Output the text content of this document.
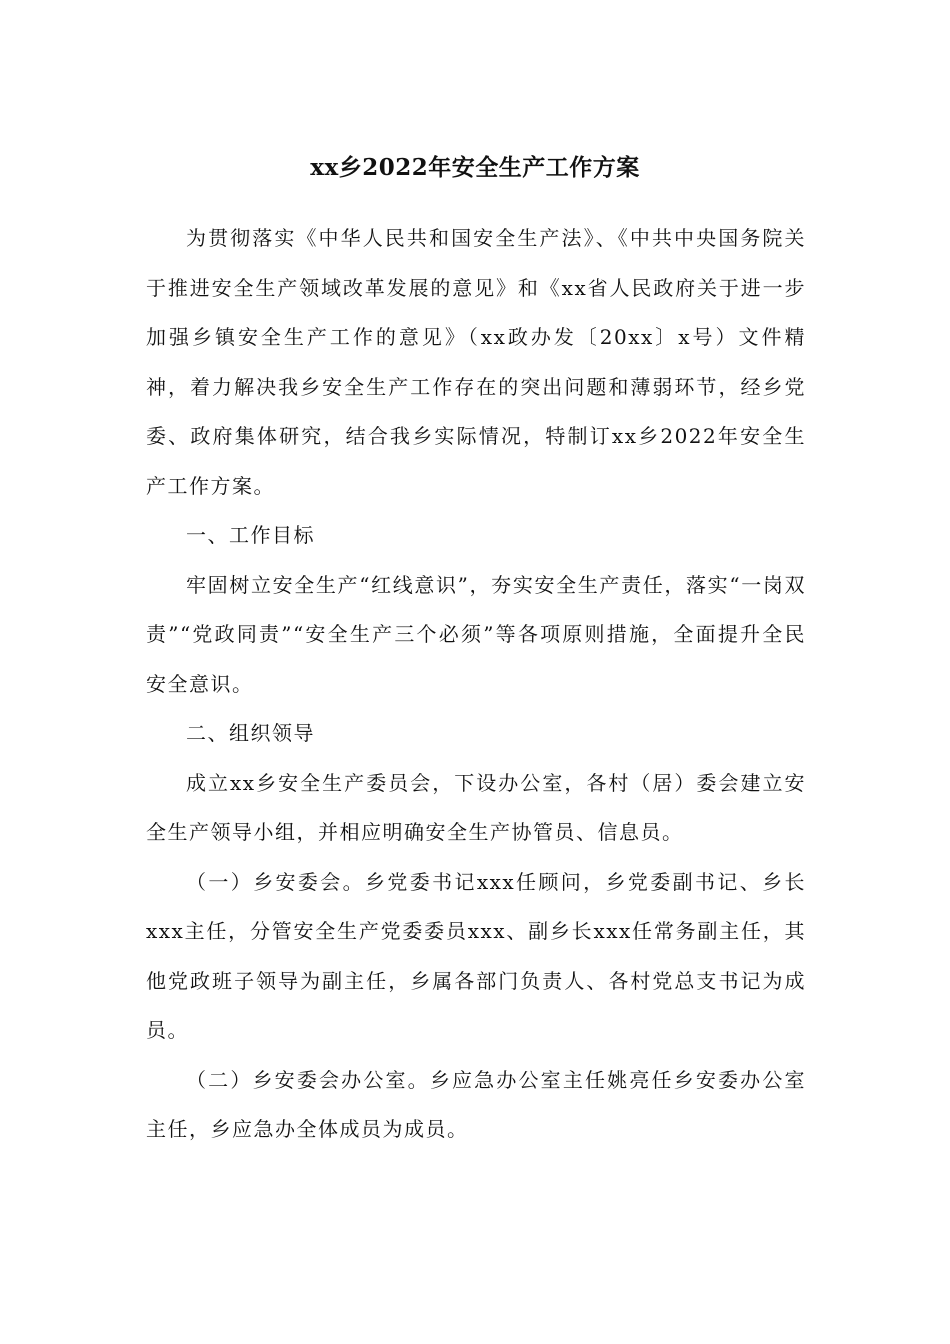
xx乡2022年安全生产工作方案

为贯彻落实《中华人民共和国安全生产法》、《中共中央国务院关于推进安全生产领域改革发展的意见》和《xx省人民政府关于进一步加强乡镇安全生产工作的意见》（xx政办发〔20xx〕x号）文件精神，着力解决我乡安全生产工作存在的突出问题和薄弱环节，经乡党委、政府集体研究，结合我乡实际情况，特制订xx乡2022年安全生产工作方案。

一、工作目标

牢固树立安全生产“红线意识”，夯实安全生产责任，落实“一岗双责”“党政同责”“安全生产三个必须”等各项原则措施，全面提升全民安全意识。

二、组织领导

成立xx乡安全生产委员会，下设办公室，各村（居）委会建立安全生产领导小组，并相应明确安全生产协管员、信息员。

（一）乡安委会。乡党委书记xxx任顾问，乡党委副书记、乡长xxx主任，分管安全生产党委委员xxx、副乡长xxx任常务副主任，其他党政班子领导为副主任，乡属各部门负责人、各村党总支书记为成员。

（二）乡安委会办公室。乡应急办公室主任姚亮任乡安委办公室主任，乡应急办全体成员为成员。
